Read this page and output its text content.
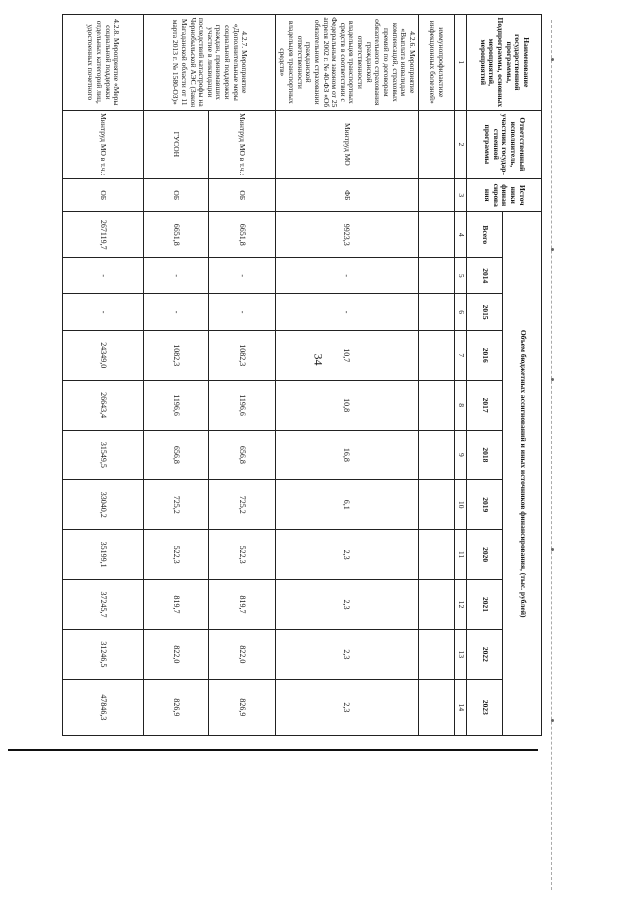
34
Наименование государственной программы, Подпрограммы, основных мероприятий, мероприятий	Ответственный исполнитель, участник государ-ственной программы	Источ ники финан сирова ния	Объем бюджетных ассигнований и иных источников финансирования, (тыс. рублей)										
			Всего	2014	2015	2016	2017	2018	2019	2020	2021	2022	2023
1	2	3	4	5	6	7	8	9	10	11	12	13	14
иммунопрофилактике инфекционных болезней»													
4.2.6. Мероприятие «Выплата инвалидам компенсаций, страховых премий по договорам обязательного страхования гражданской ответственности владельцев транспортных средств в соответствии с Федеральным законом от 25 апреля 2002 г. № 40-ФЗ «Об обязательном страховании гражданской ответственности владельцев транспортных средств»	Минтруд МО	ФБ	9923,3	-	-	10,7	10,8	16,8	6,1	2,3	2,3	2,3	2,3
4.2.7. Мероприятие «Дополнительные меры социальной поддержки граждан, принимавших участие в ликвидации последствий катастрофы на Чернобыльской АЭС (Закон Магаданской области от 11 марта 2013 г. № 1580-ОЗ)»	Минтруд МО в т.ч.:	ОБ	6651,8	-	-	1082,3	1196,6	656,8	725,2	522,3	819,7	822,0	826,9
	ГУСОН	ОБ	6651,8	-	-	1082,3	1196,6	656,8	725,2	522,3	819,7	822,0	826,9
4.2.8. Мероприятие «Меры социальной поддержки отдельных категорий лиц, удостоенных почетного	Минтруд МО в т.ч.:	ОБ	267119,7	-	-	24349,0	26643,4	31549,5	33040,2	35199,1	37245,7	31246,5	47846,3
